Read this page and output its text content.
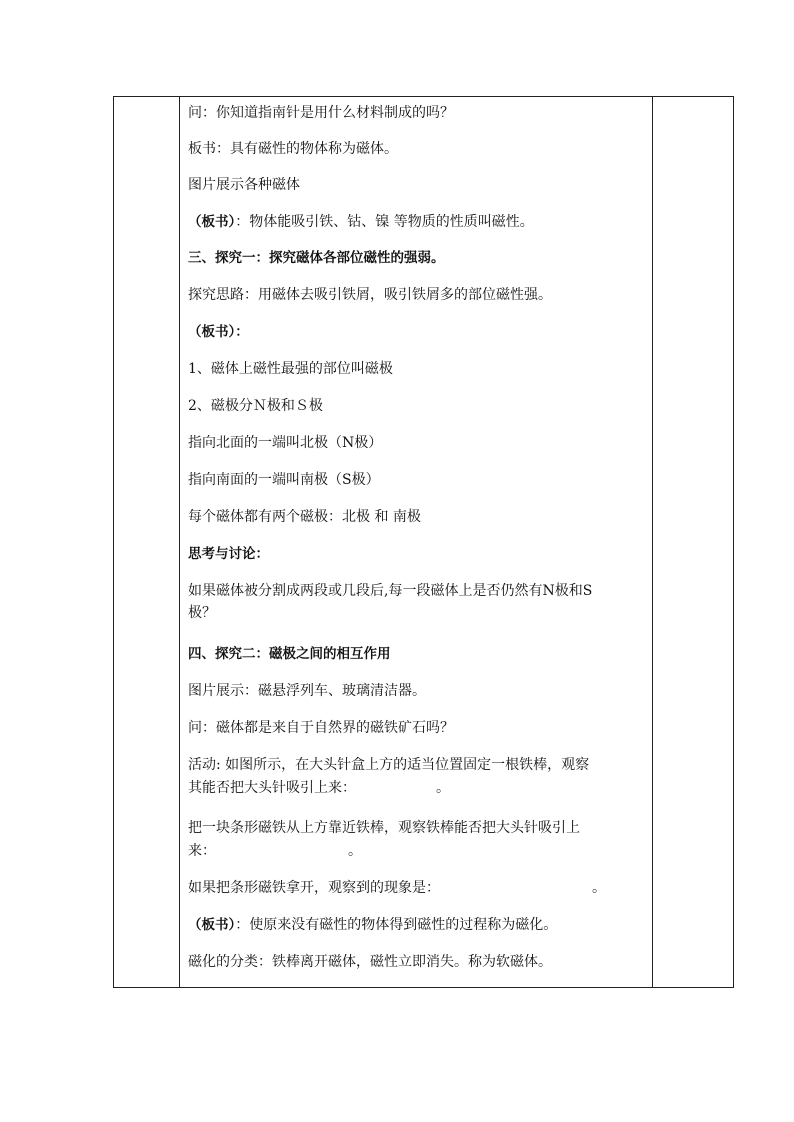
问：你知道指南针是用什么材料制成的吗？
板书：具有磁性的物体称为磁体。
图片展示各种磁体
（板书）：物体能吸引铁、钴、镍 等物质的性质叫磁性。
三、探究一：探究磁体各部位磁性的强弱。
探究思路：用磁体去吸引铁屑，吸引铁屑多的部位磁性强。
（板书）：
1、磁体上磁性最强的部位叫磁极
2、磁极分Ｎ极和Ｓ极
指向北面的一端叫北极（N极）
指向南面的一端叫南极（S极）
每个磁体都有两个磁极：北极 和 南极
思考与讨论：
如果磁体被分割成两段或几段后,每一段磁体上是否仍然有N极和S
极？
四、探究二：磁极之间的相互作用
图片展示：磁悬浮列车、玻璃清洁器。
问：磁体都是来自于自然界的磁铁矿石吗？
活动: 如图所示，在大头针盒上方的适当位置固定一根铁棒，观察
其能否把大头针吸引上来：	。
把一块条形磁铁从上方靠近铁棒，观察铁棒能否把大头针吸引上
来：	。
如果把条形磁铁拿开，观察到的现象是：	。
（板书）：使原来没有磁性的物体得到磁性的过程称为磁化。
磁化的分类：铁棒离开磁体，磁性立即消失。称为软磁体。
